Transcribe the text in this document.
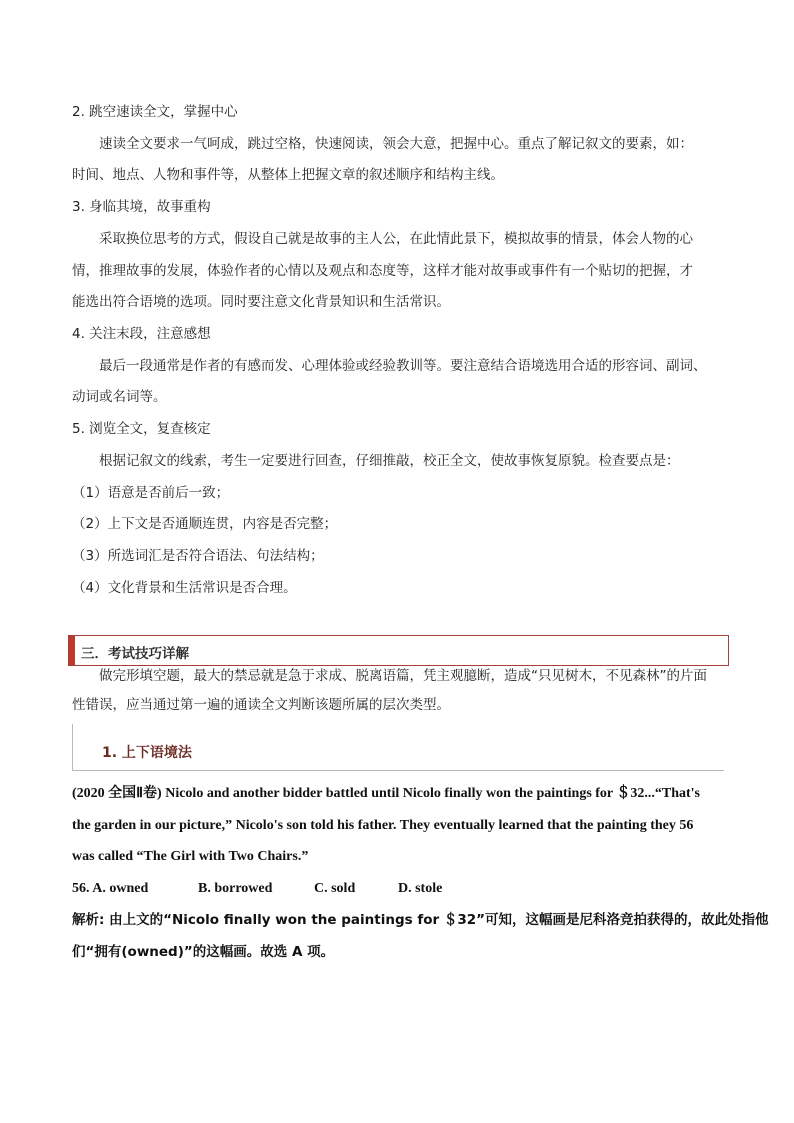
2. 跳空速读全文，掌握中心
速读全文要求一气呵成，跳过空格，快速阅读，领会大意，把握中心。重点了解记叙文的要素，如：
时间、地点、人物和事件等，从整体上把握文章的叙述顺序和结构主线。
3. 身临其境，故事重构
采取换位思考的方式，假设自己就是故事的主人公，在此情此景下，模拟故事的情景，体会人物的心
情，推理故事的发展，体验作者的心情以及观点和态度等，这样才能对故事或事件有一个贴切的把握，才
能选出符合语境的选项。同时要注意文化背景知识和生活常识。
4. 关注末段，注意感想
最后一段通常是作者的有感而发、心理体验或经验教训等。要注意结合语境选用合适的形容词、副词、
动词或名词等。
5. 浏览全文，复查核定
根据记叙文的线索，考生一定要进行回查，仔细推敲，校正全文，使故事恢复原貌。检查要点是：
（1）语意是否前后一致；
（2）上下文是否通顺连贯，内容是否完整；
（3）所选词汇是否符合语法、句法结构；
（4）文化背景和生活常识是否合理。
三．考试技巧详解
做完形填空题，最大的禁忌就是急于求成、脱离语篇，凭主观臆断，造成“只见树木，不见森林”的片面
性错误，应当通过第一遍的通读全文判断该题所属的层次类型。
1. 上下语境法
(2020 全国Ⅱ卷) Nicolo and another bidder battled until Nicolo finally won the paintings for ＄32...“That's
the garden in our picture,” Nicolo's son told his father. They eventually learned that the painting they 56
was called “The Girl with Two Chairs.”
56. A. owned	B. borrowed	C. sold	D. stole
解析: 由上文的“Nicolo finally won the paintings for ＄32”可知，这幅画是尼科洛竞拍获得的，故此处指他
们“拥有(owned)”的这幅画。故选 A 项。
